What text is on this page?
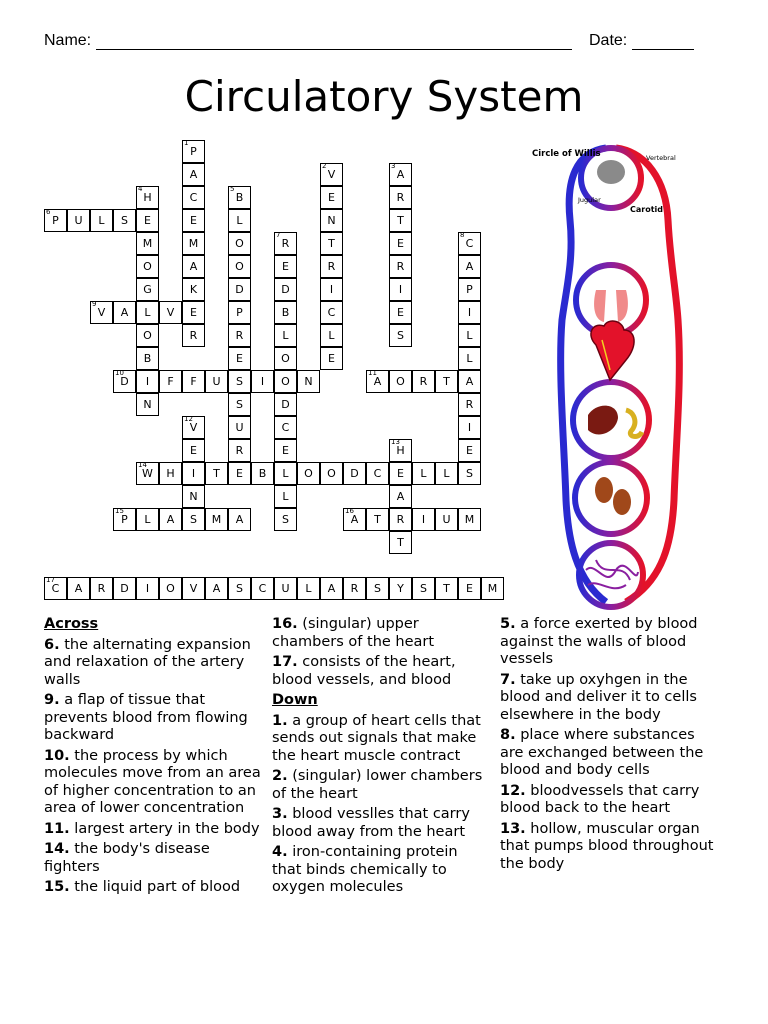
Name:	Date:
Circulatory System
6
P	U	L	S	E
9
V	A	L	V	E
10
D	I	F	F	U	S	I	O	N
11
A	O	R	T	A
14
W	H	I	T	E	B	L	O	O	D	C	E	L	L	S
15
P	L	A	S	M	A
16
A	T	R	I	U	M
17
C	A	R	D	I	O	V	A	S	C	U	L	A	R	S	Y	S	T	E	M
1
P
A
C
E
M
A
K
R
2
V
E
N
T
R
I
C
L
E
3
A
R
T
E
R
I
E
S
4
H
M
O
G
O
B
N
5
B
L
O
O
D
P
R
E
S
U
R
7
R
E
D
B
L
O
D
C
E
L
S
8
C
A
P
I
L
L
R
I
E
12
V
E
N
13
H
A
T
Circle of Willis	Vertebral
Carotid
Jugular
Across
6. the alternating expansion and relaxation of the artery walls
9. a flap of tissue that prevents blood from flowing backward
10. the process by which molecules move from an area of higher concentration to an area of lower concentration
11. largest artery in the body
14. the body's disease fighters
15. the liquid part of blood
16. (singular) upper chambers of the heart
17. consists of the heart, blood vessels, and blood
Down
1. a group of heart cells that sends out signals that make the heart muscle contract
2. (singular) lower chambers of the heart
3. blood vesslles that carry blood away from the heart
4. iron-containing protein that binds chemically to oxygen molecules
5. a force exerted by blood against the walls of blood vessels
7. take up oxyhgen in the blood and deliver it to cells elsewhere in the body
8. place where substances are exchanged between the blood and body cells
12. bloodvessels that carry blood back to the heart
13. hollow, muscular organ that pumps blood throughout the body
